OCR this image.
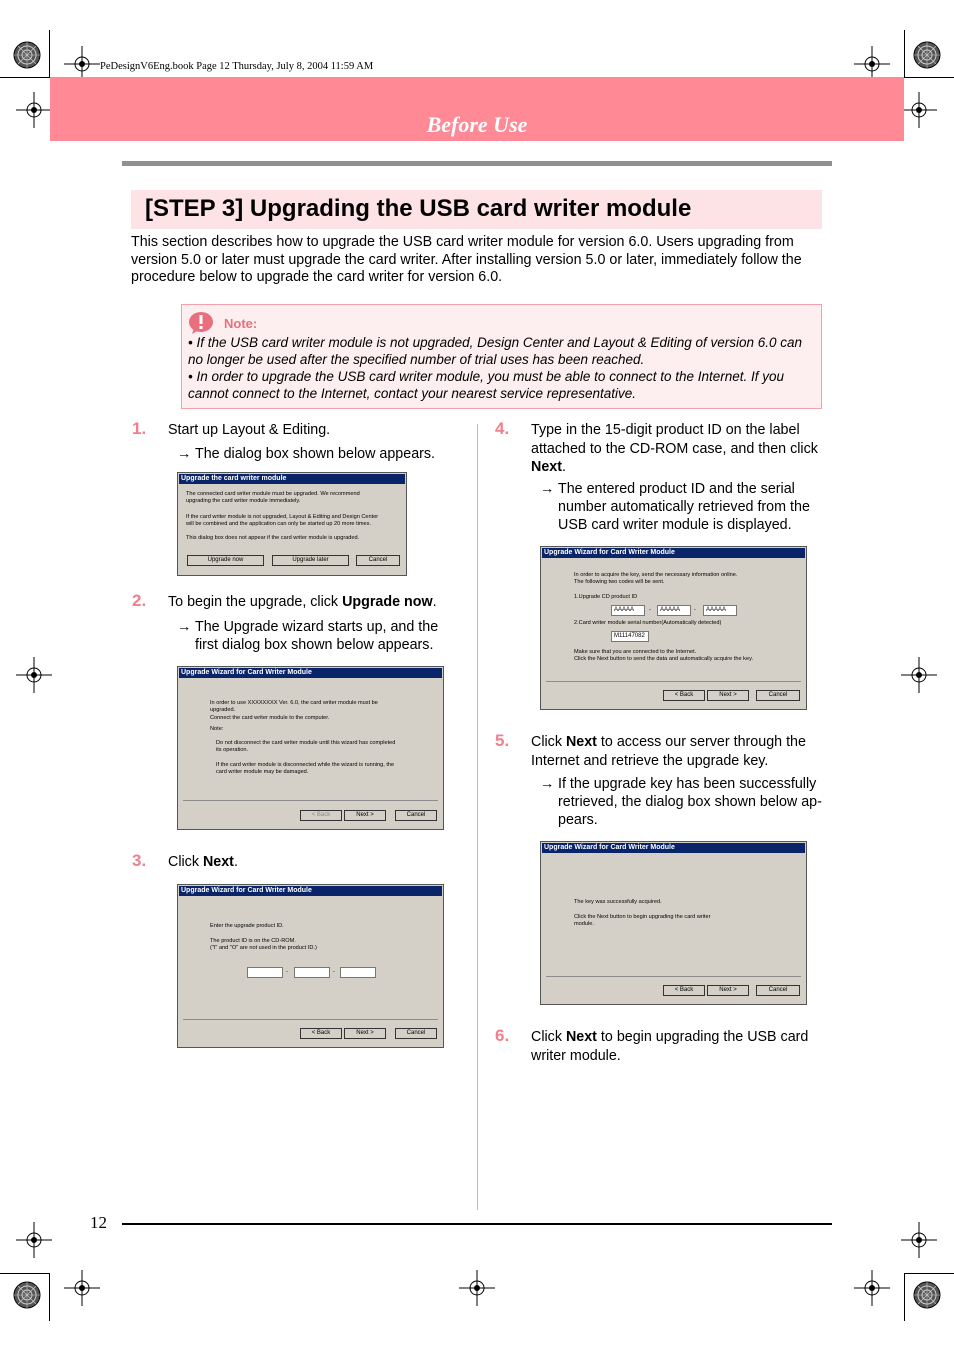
PeDesignV6Eng.book Page 12 Thursday, July 8, 2004 11:59 AM
Before Use
[STEP 3] Upgrading the USB card writer module
This section describes how to upgrade the USB card writer module for version 6.0. Users upgrading from version 5.0 or later must upgrade the card writer. After installing version 5.0 or later, immediately follow the procedure below to upgrade the card writer for version 6.0.
Note:
• If the USB card writer module is not upgraded, Design Center and Layout & Editing of version 6.0 can no longer be used after the specified number of trial uses has been reached.
• In order to upgrade the USB card writer module, you must be able to connect to the Internet. If you cannot connect to the Internet, contact your nearest service representative.
1. Start up Layout & Editing.
→ The dialog box shown below appears.
Upgrade the card writer module
The connected card writer module must be upgraded. We recommend
upgrading the card writer module immediately.
If the card writer module is not upgraded, Layout & Editing and Design Center
will be combined and the application can only be started up 20 more times.
This dialog box does not appear if the card writer module is upgraded.
Upgrade now	Upgrade later	Cancel
2. To begin the upgrade, click Upgrade now.
→ The Upgrade wizard starts up, and the first dialog box shown below appears.
Upgrade Wizard for Card Writer Module
In order to use XXXXXXXX Ver. 6.0, the card writer module must be
upgraded.
Connect the card writer module to the computer.
Note:
Do not disconnect the card writer module until this wizard has completed
its operation.
If the card writer module is disconnected while the wizard is running, the
card writer module may be damaged.
< Back	Next >	Cancel
3. Click Next.
Upgrade Wizard for Card Writer Module
Enter the upgrade product ID.
The product ID is on the CD-ROM.
("I" and "O" are not used in the product ID.)
-	-
< Back	Next >	Cancel
4. Type in the 15-digit product ID on the label attached to the CD-ROM case, and then click Next.
→ The entered product ID and the serial number automatically retrieved from the USB card writer module is displayed.
Upgrade Wizard for Card Writer Module
In order to acquire the key, send the necessary information online.
The following two codes will be sent.
1.Upgrade CD product ID
AAAAA	-	AAAAA	-	AAAAA
2.Card writer module serial number(Automatically detected)
M11147082
Make sure that you are connected to the Internet.
Click the Next button to send the data and automatically acquire the key.
< Back	Next >	Cancel
5. Click Next to access our server through the Internet and retrieve the upgrade key.
→ If the upgrade key has been successfully retrieved, the dialog box shown below ap-pears.
Upgrade Wizard for Card Writer Module
The key was successfully acquired.
Click the Next button to begin upgrading the card writer
module.
< Back	Next >	Cancel
6. Click Next to begin upgrading the USB card writer module.
12
